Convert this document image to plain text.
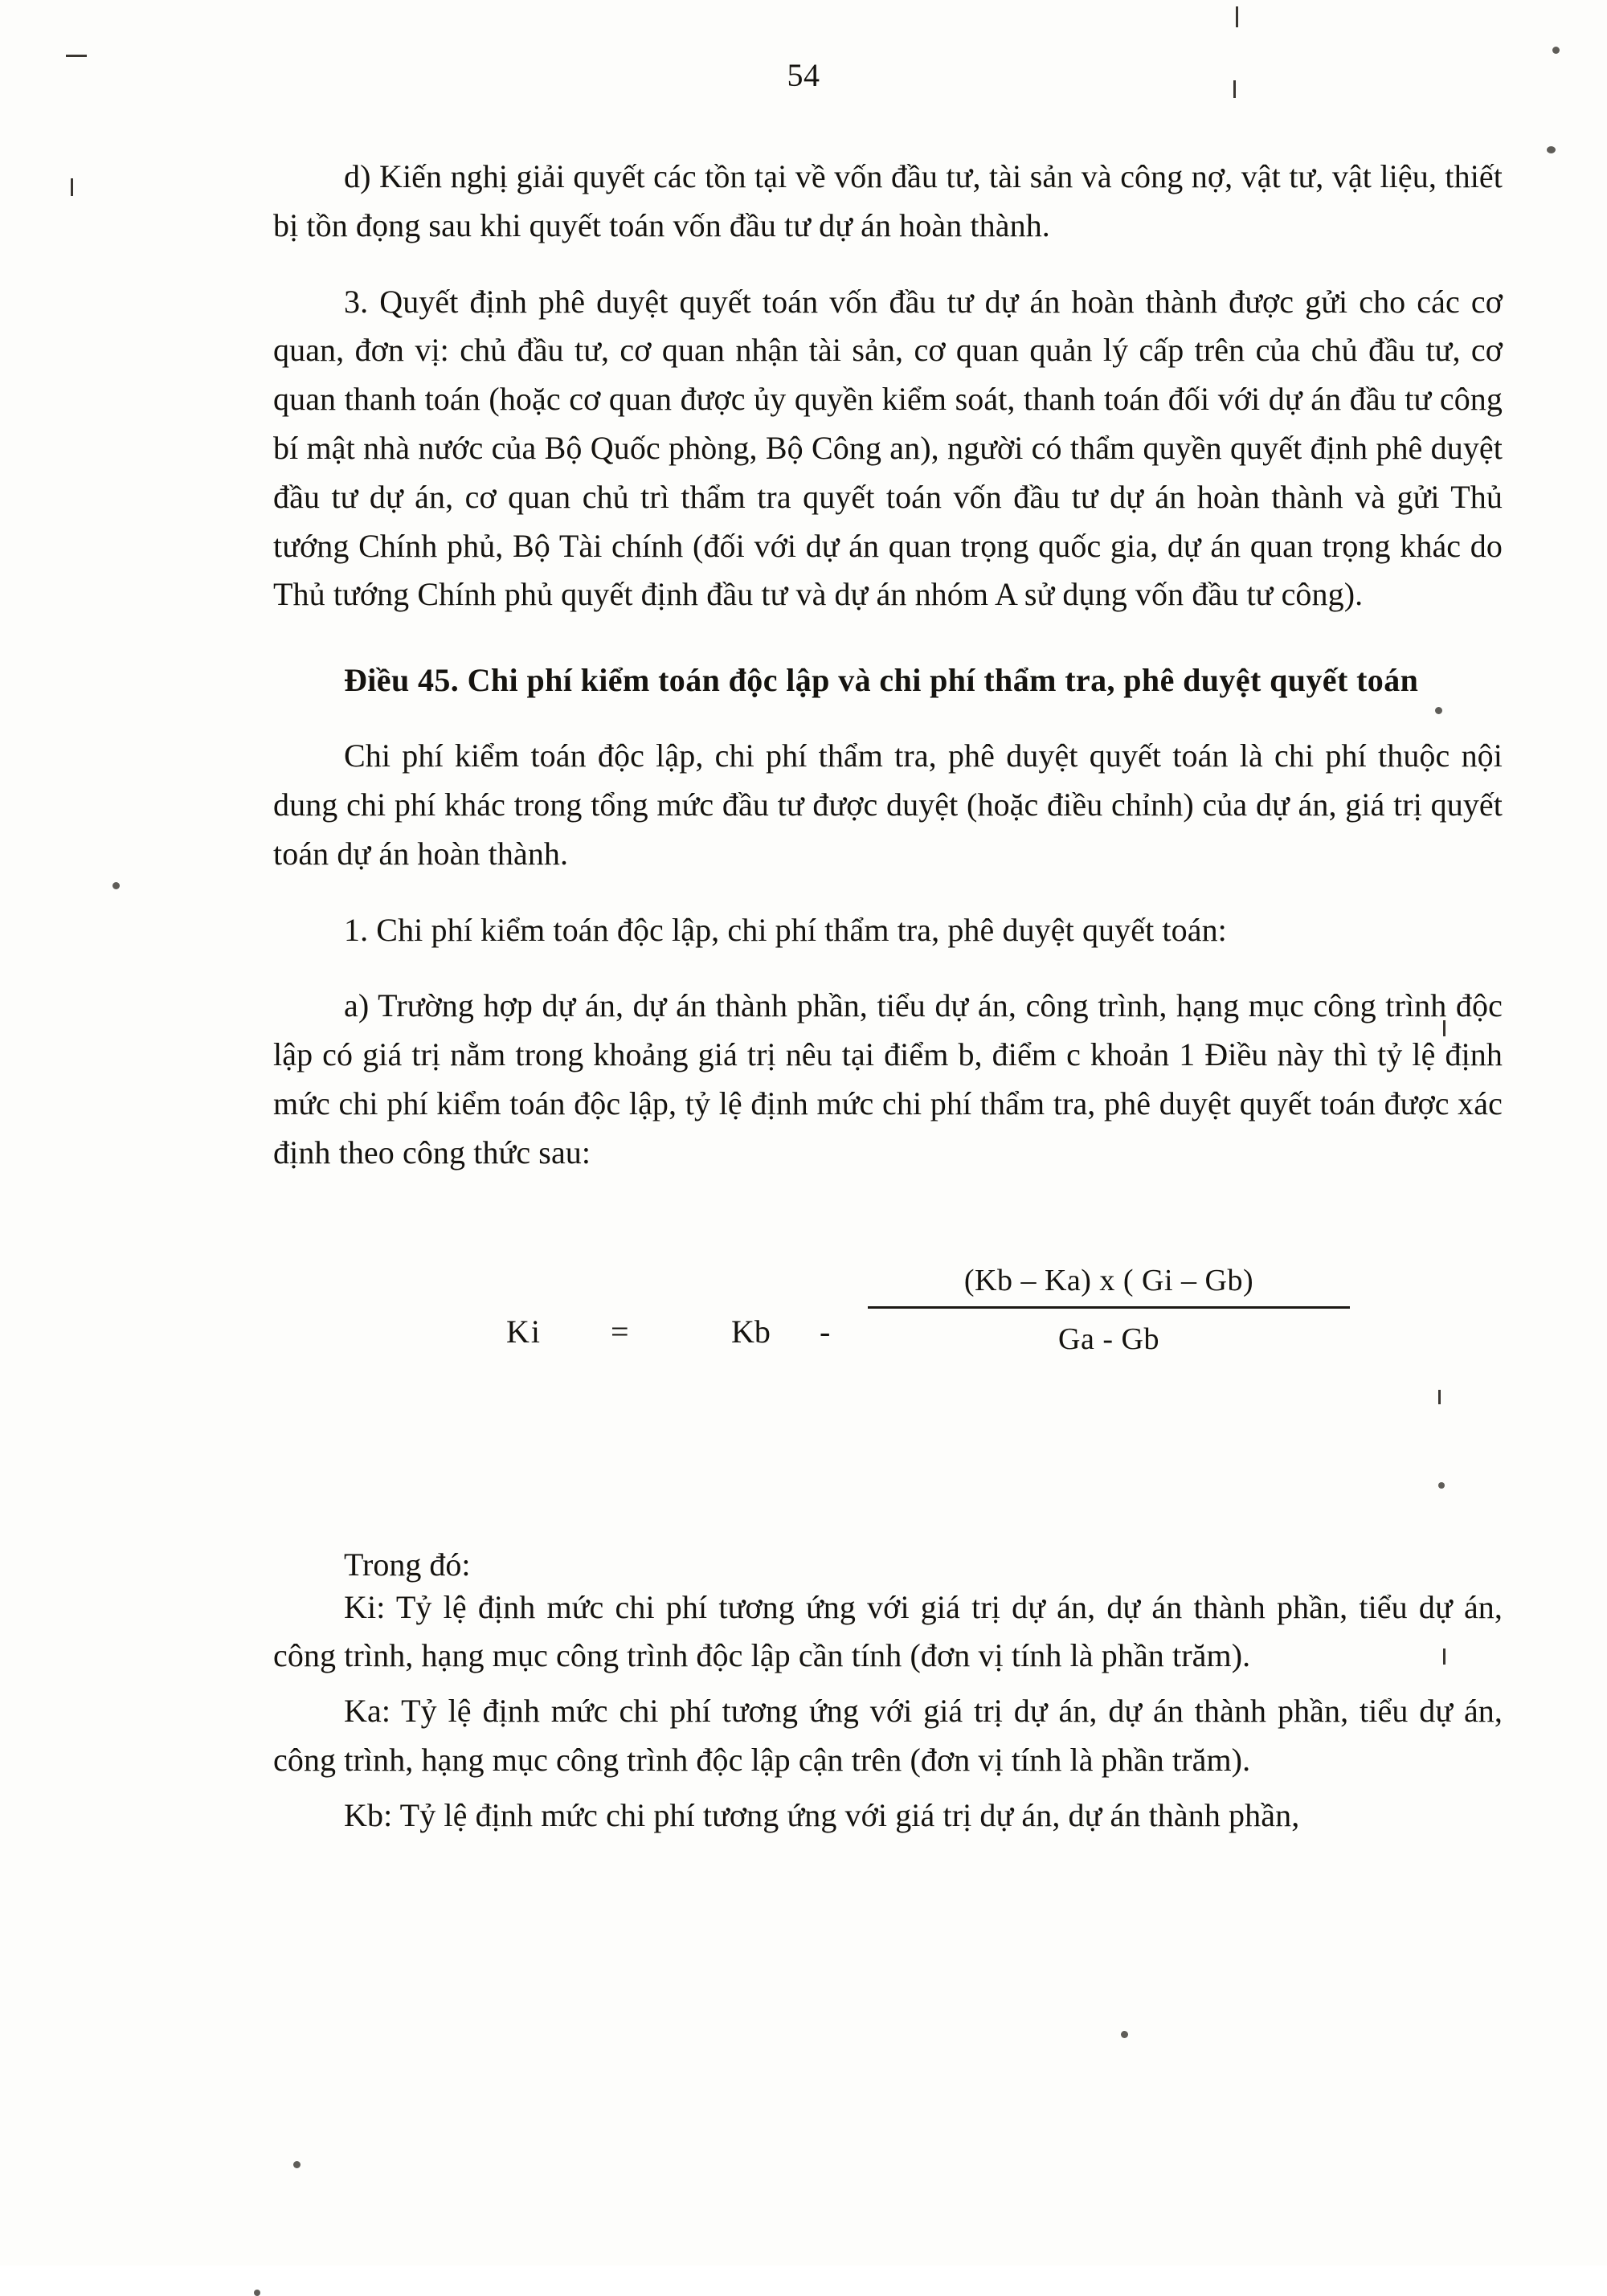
54

d) Kiến nghị giải quyết các tồn tại về vốn đầu tư, tài sản và công nợ, vật tư, vật liệu, thiết bị tồn đọng sau khi quyết toán vốn đầu tư dự án hoàn thành.

3. Quyết định phê duyệt quyết toán vốn đầu tư dự án hoàn thành được gửi cho các cơ quan, đơn vị: chủ đầu tư, cơ quan nhận tài sản, cơ quan quản lý cấp trên của chủ đầu tư, cơ quan thanh toán (hoặc cơ quan được ủy quyền kiểm soát, thanh toán đối với dự án đầu tư công bí mật nhà nước của Bộ Quốc phòng, Bộ Công an), người có thẩm quyền quyết định phê duyệt đầu tư dự án, cơ quan chủ trì thẩm tra quyết toán vốn đầu tư dự án hoàn thành và gửi Thủ tướng Chính phủ, Bộ Tài chính (đối với dự án quan trọng quốc gia, dự án quan trọng khác do Thủ tướng Chính phủ quyết định đầu tư và dự án nhóm A sử dụng vốn đầu tư công).

Điều 45. Chi phí kiểm toán độc lập và chi phí thẩm tra, phê duyệt quyết toán

Chi phí kiểm toán độc lập, chi phí thẩm tra, phê duyệt quyết toán là chi phí thuộc nội dung chi phí khác trong tổng mức đầu tư được duyệt (hoặc điều chỉnh) của dự án, giá trị quyết toán dự án hoàn thành.

1. Chi phí kiểm toán độc lập, chi phí thẩm tra, phê duyệt quyết toán:

a) Trường hợp dự án, dự án thành phần, tiểu dự án, công trình, hạng mục công trình độc lập có giá trị nằm trong khoảng giá trị nêu tại điểm b, điểm c khoản 1 Điều này thì tỷ lệ định mức chi phí kiểm toán độc lập, tỷ lệ định mức chi phí thẩm tra, phê duyệt quyết toán được xác định theo công thức sau:

Ki =	Kb -
(Kb – Ka) x ( Gi – Gb)
Ga - Gb
Trong đó:

Ki: Tỷ lệ định mức chi phí tương ứng với giá trị dự án, dự án thành phần, tiểu dự án, công trình, hạng mục công trình độc lập cần tính (đơn vị tính là phần trăm).

Ka: Tỷ lệ định mức chi phí tương ứng với giá trị dự án, dự án thành phần, tiểu dự án, công trình, hạng mục công trình độc lập cận trên (đơn vị tính là phần trăm).

Kb: Tỷ lệ định mức chi phí tương ứng với giá trị dự án, dự án thành phần,
